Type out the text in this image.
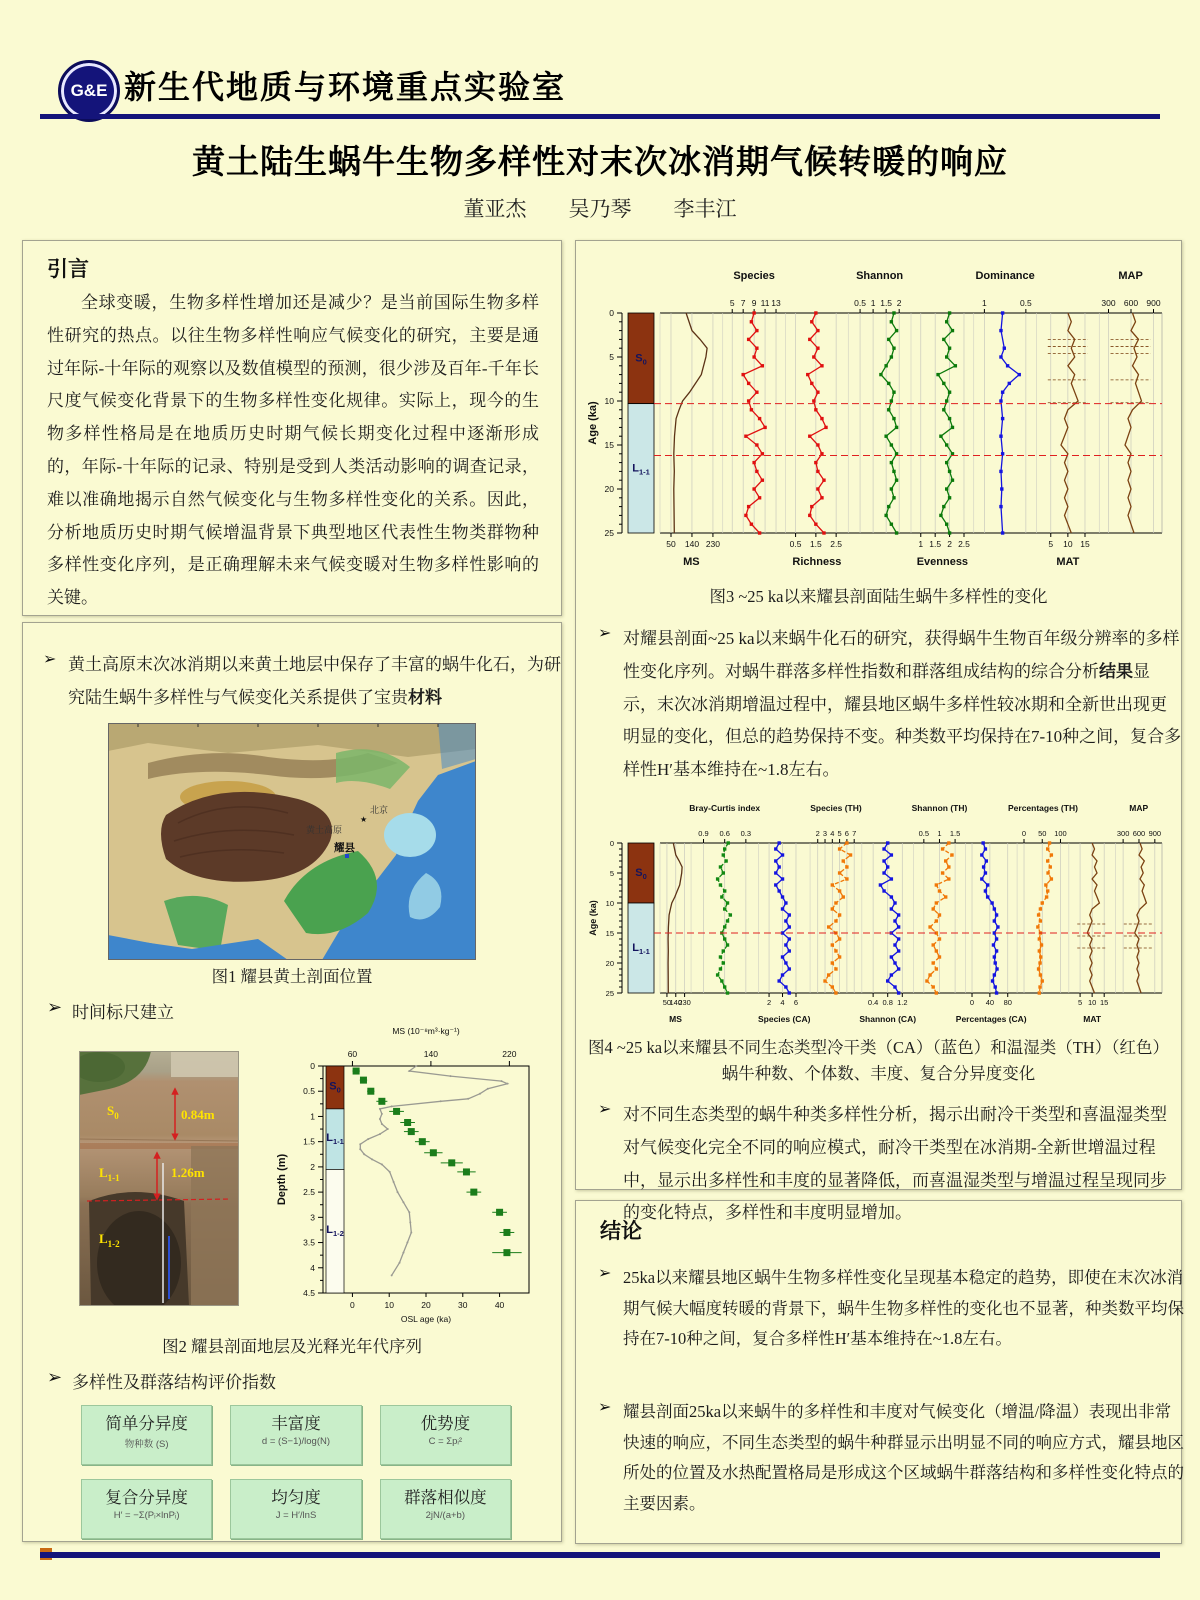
G&E 新生代地质与环境重点实验室
黄土陆生蜗牛生物多样性对末次冰消期气候转暖的响应
董亚杰　　吴乃琴　　李丰江
引言

全球变暖，生物多样性增加还是减少？是当前国际生物多样性研究的热点。以往生物多样性响应气候变化的研究，主要是通过年际-十年际的观察以及数值模型的预测，很少涉及百年-千年长尺度气候变化背景下的生物多样性变化规律。实际上，现今的生物多样性格局是在地质历史时期气候长期变化过程中逐渐形成的，年际-十年际的记录、特别是受到人类活动影响的调查记录，难以准确地揭示自然气候变化与生物多样性变化的关系。因此，分析地质历史时期气候增温背景下典型地区代表性生物类群物种多样性变化序列，是正确理解未来气候变暖对生物多样性影响的关键。

➢ 黄土高原末次冰消期以来黄土地层中保存了丰富的蜗牛化石，为研究陆生蜗牛多样性与气候变化关系提供了宝贵材料
北京
★
黄土高原
耀县
图1 耀县黄土剖面位置
➢ 时间标尺建立
$S_0$	0.84m
$L_{1-1}$	1.26m
$L_{1-2}$
0
0.5
1
1.5
2
2.5
3
3.5
4
4.5
Depth (m)
MS (10⁻⁸m³·kg⁻¹)
60	140	220
0	10	20	30	40
OSL age (ka)
$S_0$
$L_{1-1}$
$L_{1-2}$
图2 耀县剖面地层及光释光年代序列
➢ 多样性及群落结构评价指数
简单分异度
物种数 (S)
丰富度
d = (S−1)/log(N)
优势度
C = Σpᵢ²
复合分异度
H′ = −Σ(Pᵢ×lnPᵢ)
均匀度
J = H′/lnS
群落相似度
2jN/(a+b)
0
5
10
15
20
25
Age (ka)
$S_0$
$L_{1-1}$
50 140 230
MS
5 7 9 11 13
Species
0.5 1.5 2.5
Richness
0.5 1 1.5 2
Shannon
1 1.5 2 2.5
Evenness
1	0.5
Dominance
5 10 15
MAT
300 600 900
MAP
图3 ~25 ka以来耀县剖面陆生蜗牛多样性的变化
➢ 对耀县剖面~25 ka以来蜗牛化石的研究，获得蜗牛生物百年级分辨率的多样性变化序列。对蜗牛群落多样性指数和群落组成结构的综合分析结果显示，末次冰消期增温过程中，耀县地区蜗牛多样性较冰期和全新世出现更明显的变化，但总的趋势保持不变。种类数平均保持在7-10种之间，复合多样性H′基本维持在~1.8左右。
0
5
10
15
20
25
Age (ka)
$S_0$
$L_{1-1}$
50
140
230
MS
0.9 0.6 0.3
Bray-Curtis index
2 4 6
Species (CA)
2 3 4 5 6 7
Species (TH)
0.4 0.8 1.2
Shannon (CA)
0.5 1 1.5
Shannon (TH)
0 40 80
Percentages (CA)
0 50 100
Percentages (TH)
5 10 15
MAT
300 600 900
MAP
图4 ~25 ka以来耀县不同生态类型冷干类（CA）（蓝色）和温湿类（TH）（红色）
蜗牛种数、个体数、丰度、复合分异度变化
➢ 对不同生态类型的蜗牛种类多样性分析，揭示出耐冷干类型和喜温湿类型对气候变化完全不同的响应模式，耐冷干类型在冰消期-全新世增温过程中，显示出多样性和丰度的显著降低，而喜温湿类型与增温过程呈现同步的变化特点，多样性和丰度明显增加。
结论
➢ 25ka以来耀县地区蜗牛生物多样性变化呈现基本稳定的趋势，即使在末次冰消期气候大幅度转暖的背景下，蜗牛生物多样性的变化也不显著，种类数平均保持在7-10种之间，复合多样性H′基本维持在~1.8左右。
➢ 耀县剖面25ka以来蜗牛的多样性和丰度对气候变化（增温/降温）表现出非常快速的响应，不同生态类型的蜗牛种群显示出明显不同的响应方式，耀县地区所处的位置及水热配置格局是形成这个区域蜗牛群落结构和多样性变化特点的主要因素。
